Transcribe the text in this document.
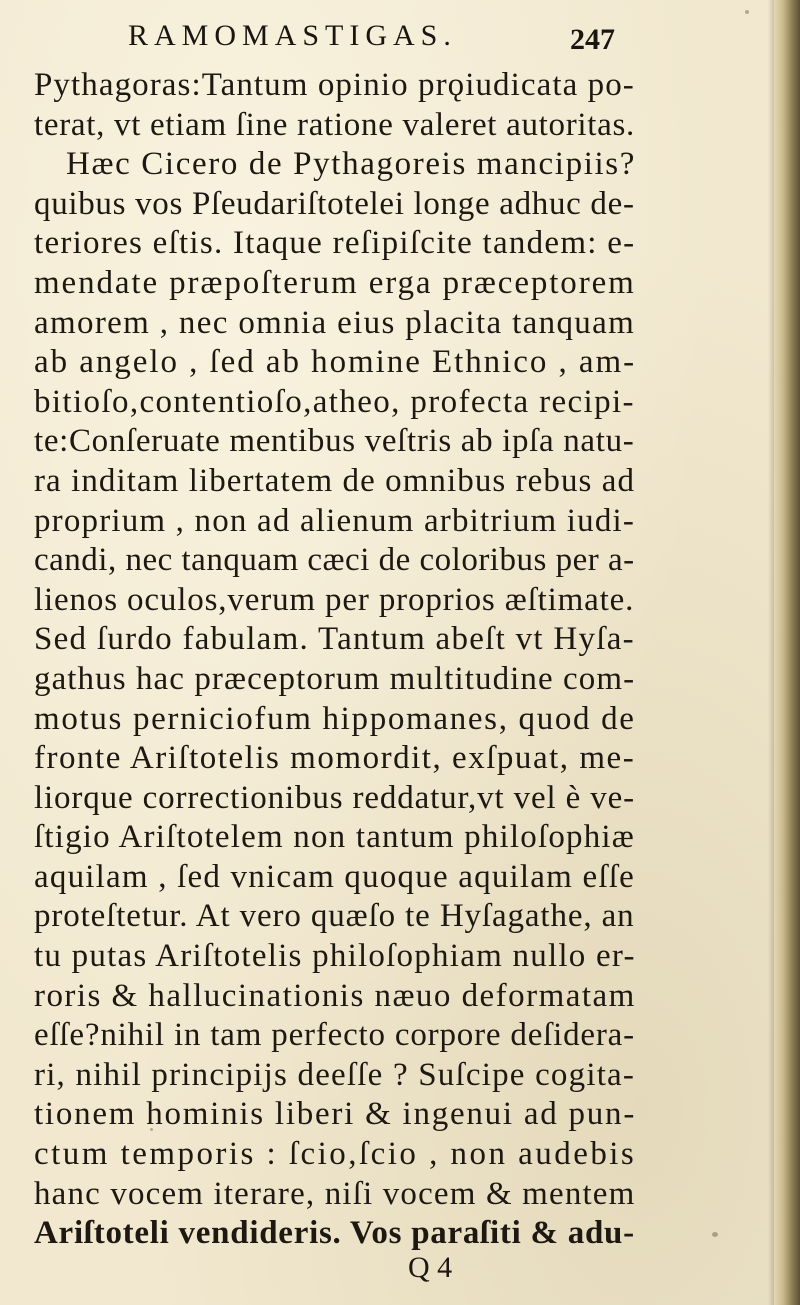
RAMOMASTIGAS.	247
Pythagoras:Tantum opinio prǫiudicata po-
terat, vt etiam ſine ratione valeret autoritas.
Hæc Cicero de Pythagoreis mancipiis?
quibus vos Pſeudariſtotelei longe adhuc de-
teriores eſtis. Itaque reſipiſcite tandem: e-
mendate præpoſterum erga præceptorem
amorem , nec omnia eius placita tanquam
ab angelo , ſed ab homine Ethnico , am-
bitioſo,contentioſo,atheo, profecta recipi-
te:Conſeruate mentibus veſtris ab ipſa natu-
ra inditam libertatem de omnibus rebus ad
proprium , non ad alienum arbitrium iudi-
candi, nec tanquam cæci de coloribus per a-
lienos oculos,verum per proprios æſtimate.
Sed ſurdo fabulam. Tantum abeſt vt Hyſa-
gathus hac præceptorum multitudine com-
motus perniciofum hippomanes, quod de
fronte Ariſtotelis momordit, exſpuat, me-
liorque correctionibus reddatur,vt vel è ve-
ſtigio Ariſtotelem non tantum philoſophiæ
aquilam , ſed vnicam quoque aquilam eſſe
proteſtetur. At vero quæſo te Hyſagathe, an
tu putas Ariſtotelis philoſophiam nullo er-
roris & hallucinationis næuo deformatam
eſſe?nihil in tam perfecto corpore deſidera-
ri, nihil principijs deeſſe ? Suſcipe cogita-
tionem hominis liberi & ingenui ad pun-
ctum temporis : ſcio,ſcio , non audebis
hanc vocem iterare, niſi vocem & mentem
Ariſtoteli vendideris. Vos paraſiti & adu-
Q 4
